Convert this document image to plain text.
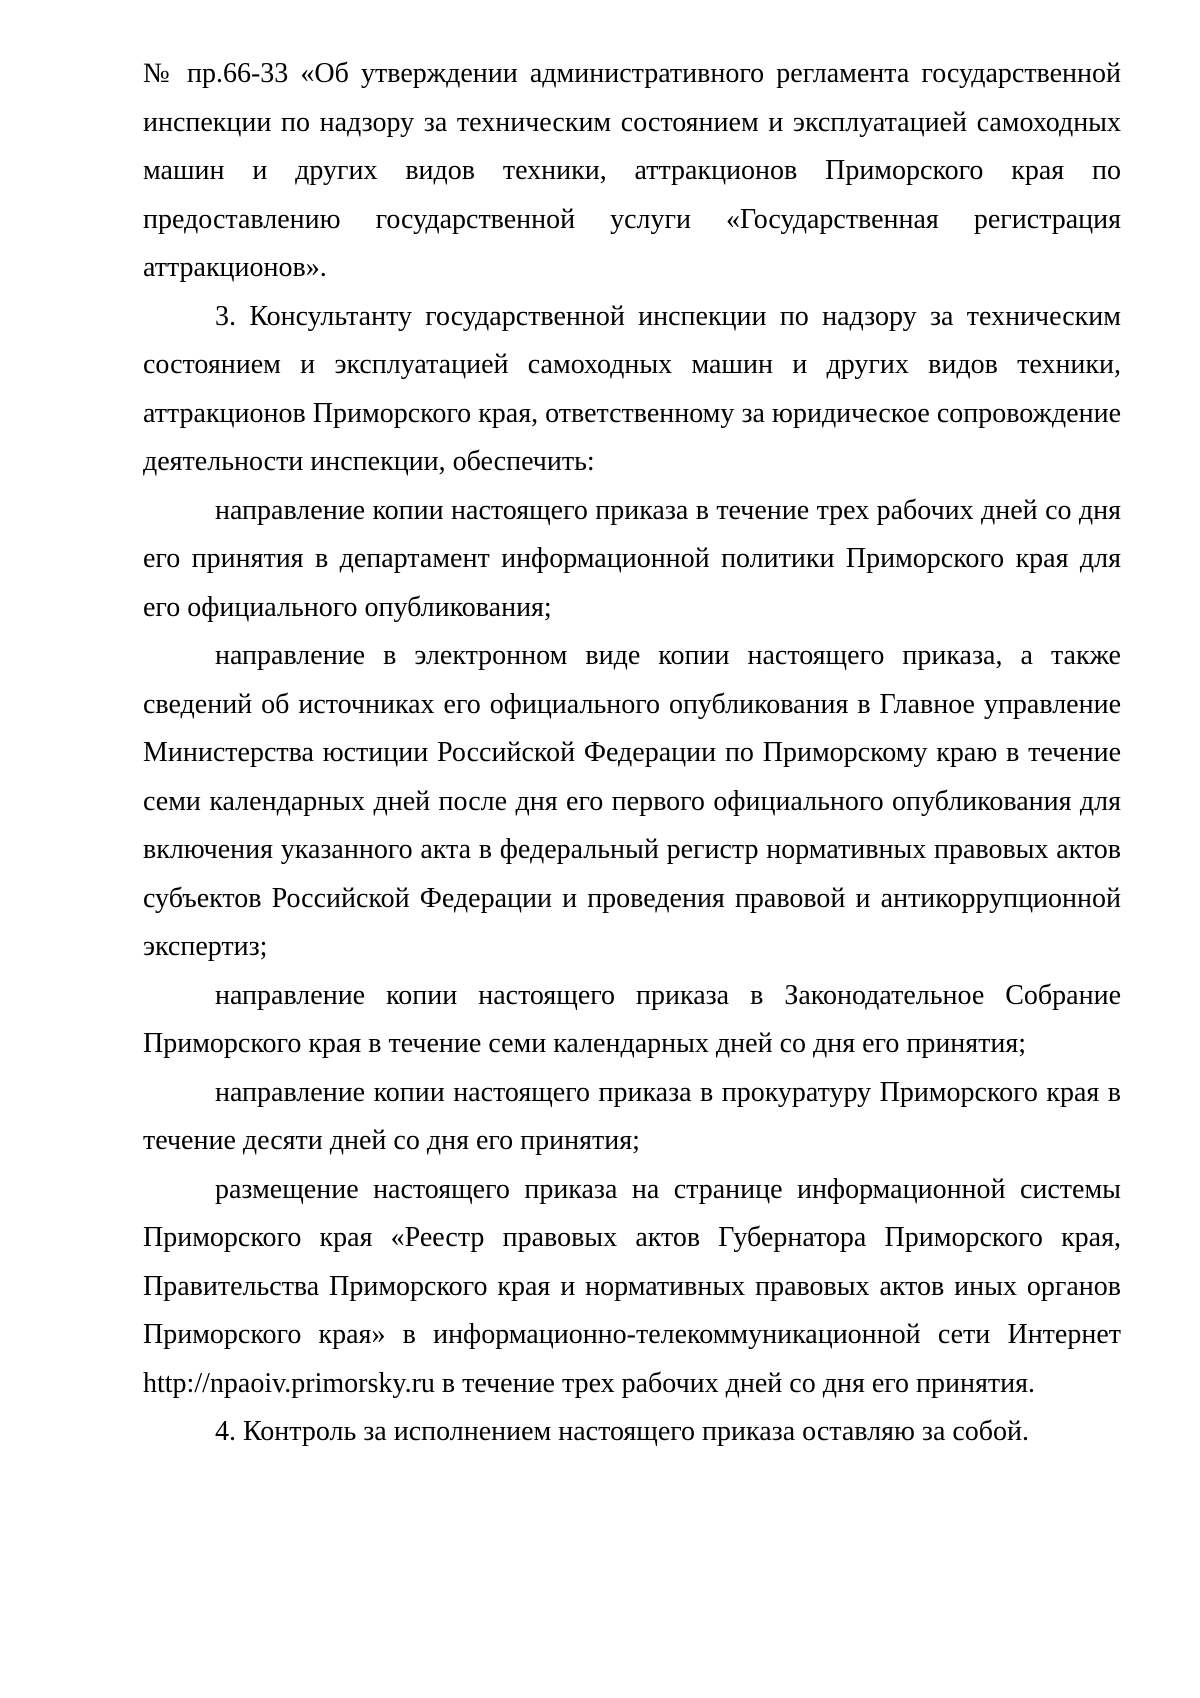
№ пр.66-33 «Об утверждении административного регламента государственной инспекции по надзору за техническим состоянием и эксплуатацией самоходных машин и других видов техники, аттракционов Приморского края по предоставлению государственной услуги «Государственная регистрация аттракционов».

3. Консультанту государственной инспекции по надзору за техническим состоянием и эксплуатацией самоходных машин и других видов техники, аттракционов Приморского края, ответственному за юридическое сопровождение деятельности инспекции, обеспечить:

направление копии настоящего приказа в течение трех рабочих дней со дня его принятия в департамент информационной политики Приморского края для его официального опубликования;

направление в электронном виде копии настоящего приказа, а также сведений об источниках его официального опубликования в Главное управление Министерства юстиции Российской Федерации по Приморскому краю в течение семи календарных дней после дня его первого официального опубликования для включения указанного акта в федеральный регистр нормативных правовых актов субъектов Российской Федерации и проведения правовой и антикоррупционной экспертиз;

направление копии настоящего приказа в Законодательное Собрание Приморского края в течение семи календарных дней со дня его принятия;

направление копии настоящего приказа в прокуратуру Приморского края в течение десяти дней со дня его принятия;

размещение настоящего приказа на странице информационной системы Приморского края «Реестр правовых актов Губернатора Приморского края, Правительства Приморского края и нормативных правовых актов иных органов Приморского края» в информационно-телекоммуникационной сети Интернет http://npaoiv.primorsky.ru в течение трех рабочих дней со дня его принятия.

4. Контроль за исполнением настоящего приказа оставляю за собой.
